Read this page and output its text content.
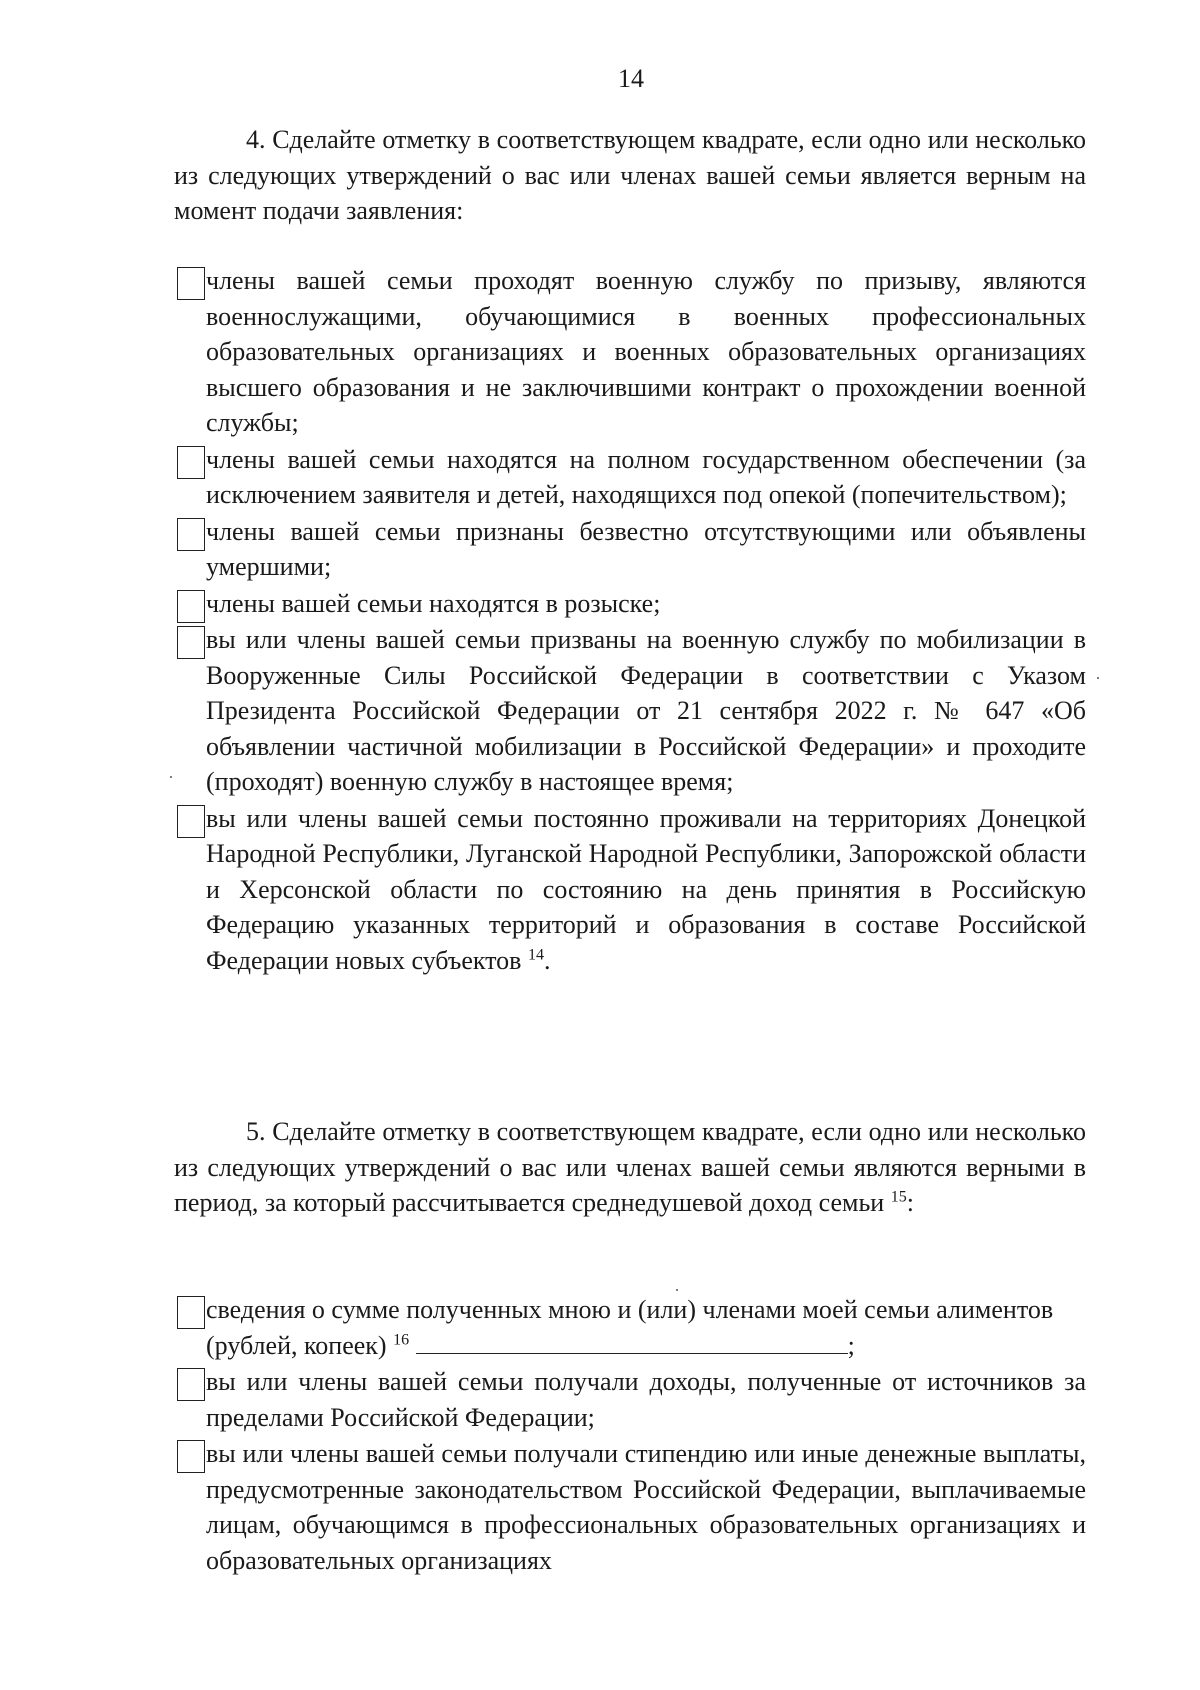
14
4. Сделайте отметку в соответствующем квадрате, если одно или несколько из следующих утверждений о вас или членах вашей семьи является верным на момент подачи заявления:
члены вашей семьи проходят военную службу по призыву, являются военнослужащими, обучающимися в военных профессиональных образовательных организациях и военных образовательных организациях высшего образования и не заключившими контракт о прохождении военной службы;
члены вашей семьи находятся на полном государственном обеспечении (за исключением заявителя и детей, находящихся под опекой (попечительством);
члены вашей семьи признаны безвестно отсутствующими или объявлены умершими;
члены вашей семьи находятся в розыске;
вы или члены вашей семьи призваны на военную службу по мобилизации в Вооруженные Силы Российской Федерации в соответствии с Указом Президента Российской Федерации от 21 сентября 2022 г. № 647 «Об объявлении частичной мобилизации в Российской Федерации» и проходите (проходят) военную службу в настоящее время;
вы или члены вашей семьи постоянно проживали на территориях Донецкой Народной Республики, Луганской Народной Республики, Запорожской области и Херсонской области по состоянию на день принятия в Российскую Федерацию указанных территорий и образования в составе Российской Федерации новых субъектов $^{14}$.
5. Сделайте отметку в соответствующем квадрате, если одно или несколько из следующих утверждений о вас или членах вашей семьи являются верными в период, за который рассчитывается среднедушевой доход семьи $^{15}$:
сведения о сумме полученных мною и (или) членами моей семьи алиментов (рублей, копеек) $^{16}$	;
вы или члены вашей семьи получали доходы, полученные от источников за пределами Российской Федерации;
вы или члены вашей семьи получали стипендию или иные денежные выплаты, предусмотренные законодательством Российской Федерации, выплачиваемые лицам, обучающимся в профессиональных образовательных организациях и образовательных организациях
